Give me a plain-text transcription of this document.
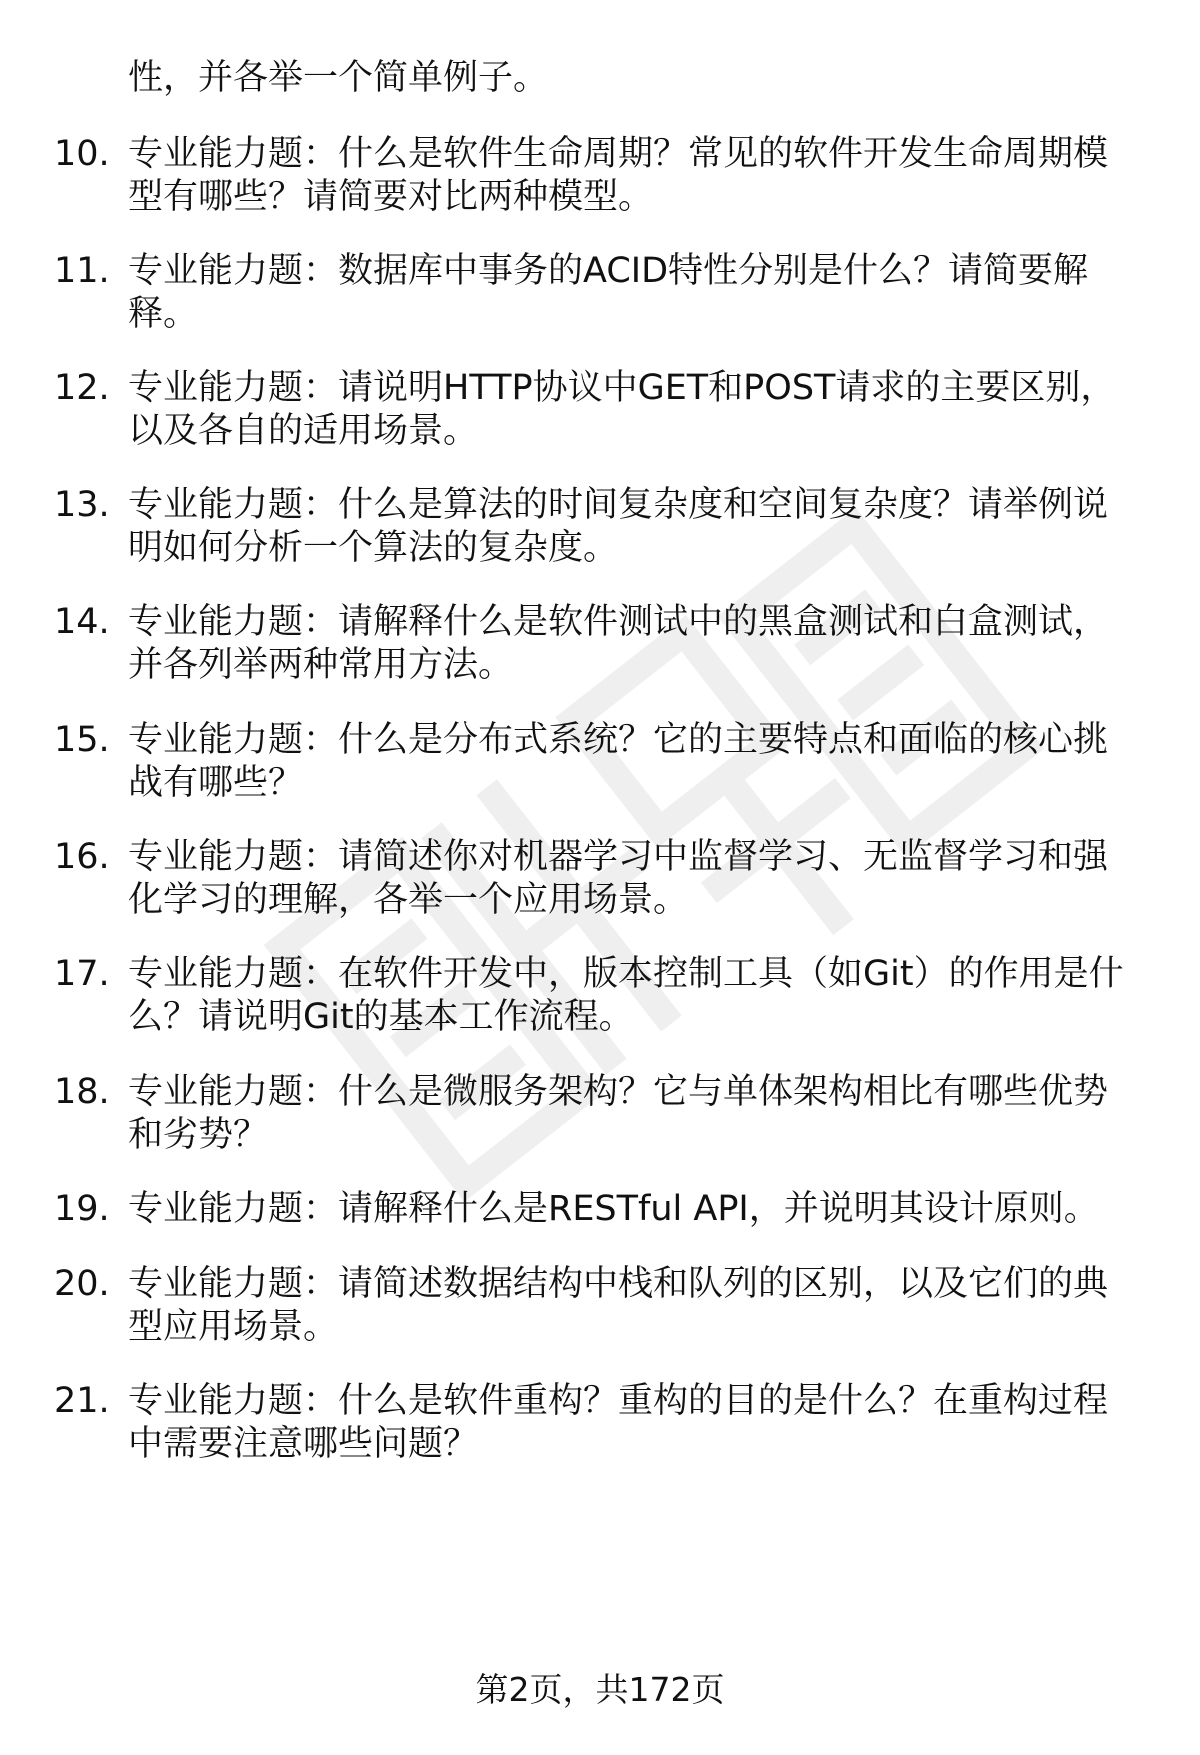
性，并各举一个简单例子。
10. 专业能力题：什么是软件生命周期？常见的软件开发生命周期模
型有哪些？请简要对比两种模型。
11. 专业能力题：数据库中事务的ACID特性分别是什么？请简要解
释。
12. 专业能力题：请说明HTTP协议中GET和POST请求的主要区别，
以及各自的适用场景。
13. 专业能力题：什么是算法的时间复杂度和空间复杂度？请举例说
明如何分析一个算法的复杂度。
14. 专业能力题：请解释什么是软件测试中的黑盒测试和白盒测试，
并各列举两种常用方法。
15. 专业能力题：什么是分布式系统？它的主要特点和面临的核心挑
战有哪些？
16. 专业能力题：请简述你对机器学习中监督学习、无监督学习和强
化学习的理解，各举一个应用场景。
17. 专业能力题：在软件开发中，版本控制工具（如Git）的作用是什
么？请说明Git的基本工作流程。
18. 专业能力题：什么是微服务架构？它与单体架构相比有哪些优势
和劣势？
19. 专业能力题：请解释什么是RESTful API，并说明其设计原则。
20. 专业能力题：请简述数据结构中栈和队列的区别，以及它们的典
型应用场景。
21. 专业能力题：什么是软件重构？重构的目的是什么？在重构过程
中需要注意哪些问题？
第2页，共172页
